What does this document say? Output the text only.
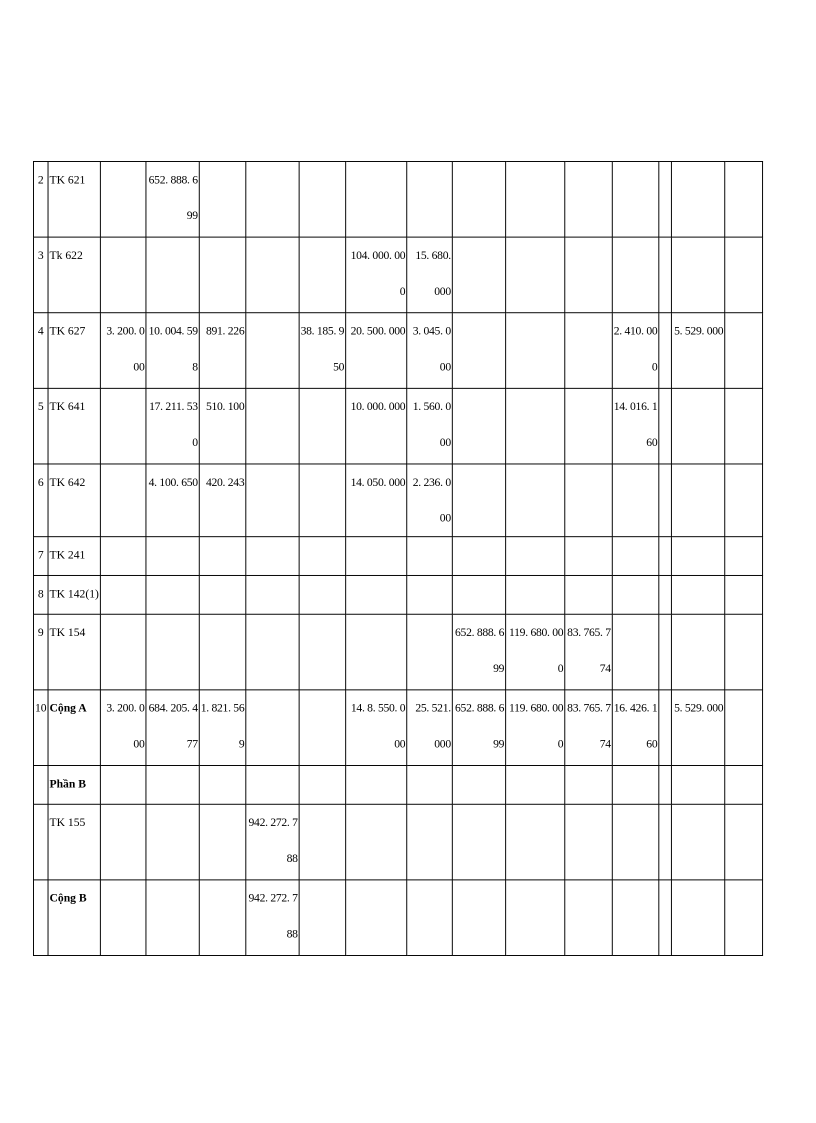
2	TK 621		652. 888. 699												
3	Tk 622						104. 000. 000	15. 680. 000							
4	TK 627	3. 200. 000	10. 004. 598	891. 226		38. 185. 950	20. 500. 000	3. 045. 000				2. 410. 000		5. 529. 000	
5	TK 641		17. 211. 530	510. 100			10. 000. 000	1. 560. 000				14. 016. 160			
6	TK 642		4. 100. 650	420. 243			14. 050. 000	2. 236. 000							
7	TK 241														
8	TK 142(1)														
9	TK 154								652. 888. 699	119. 680. 000	83. 765. 774				
10	Cộng A	3. 200. 000	684. 205. 477	1. 821. 569			14. 8. 550. 000	25. 521. 000	652. 888. 699	119. 680. 000	83. 765. 774	16. 426. 160		5. 529. 000	
	Phần B														
	TK 155				942. 272. 788										
	Cộng B				942. 272. 788										
